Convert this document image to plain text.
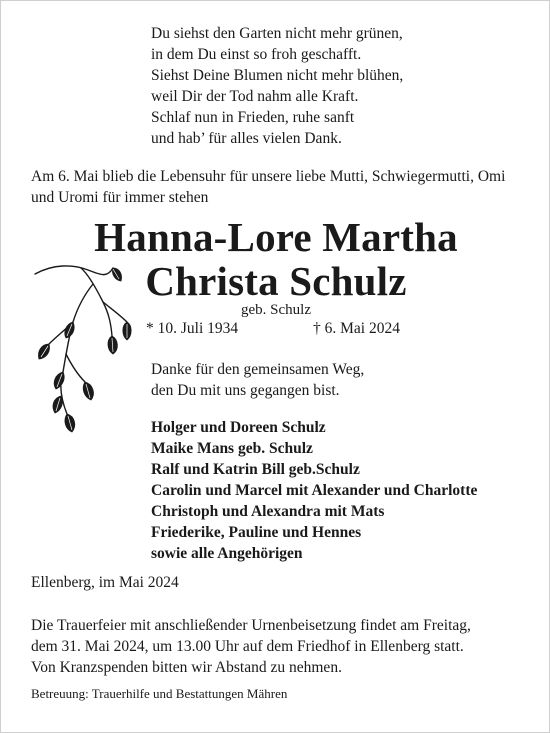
Du siehst den Garten nicht mehr grünen,
in dem Du einst so froh geschafft.
Siehst Deine Blumen nicht mehr blühen,
weil Dir der Tod nahm alle Kraft.
Schlaf nun in Frieden, ruhe sanft
und hab’ für alles vielen Dank.
Am 6. Mai blieb die Lebensuhr für unsere liebe Mutti, Schwiegermutti, Omi und Uromi für immer stehen
Hanna-Lore Martha
Christa Schulz
geb. Schulz
* 10. Juli 1934	† 6. Mai 2024
Danke für den gemeinsamen Weg,
den Du mit uns gegangen bist.
Holger und Doreen Schulz
Maike Mans geb. Schulz
Ralf und Katrin Bill geb.Schulz
Carolin und Marcel mit Alexander und Charlotte
Christoph und Alexandra mit Mats
Friederike, Pauline und Hennes
sowie alle Angehörigen
Ellenberg, im Mai 2024
Die Trauerfeier mit anschließender Urnenbeisetzung findet am Freitag,
dem 31. Mai 2024, um 13.00 Uhr auf dem Friedhof in Ellenberg statt.
Von Kranzspenden bitten wir Abstand zu nehmen.
Betreuung: Trauerhilfe und Bestattungen Mähren
